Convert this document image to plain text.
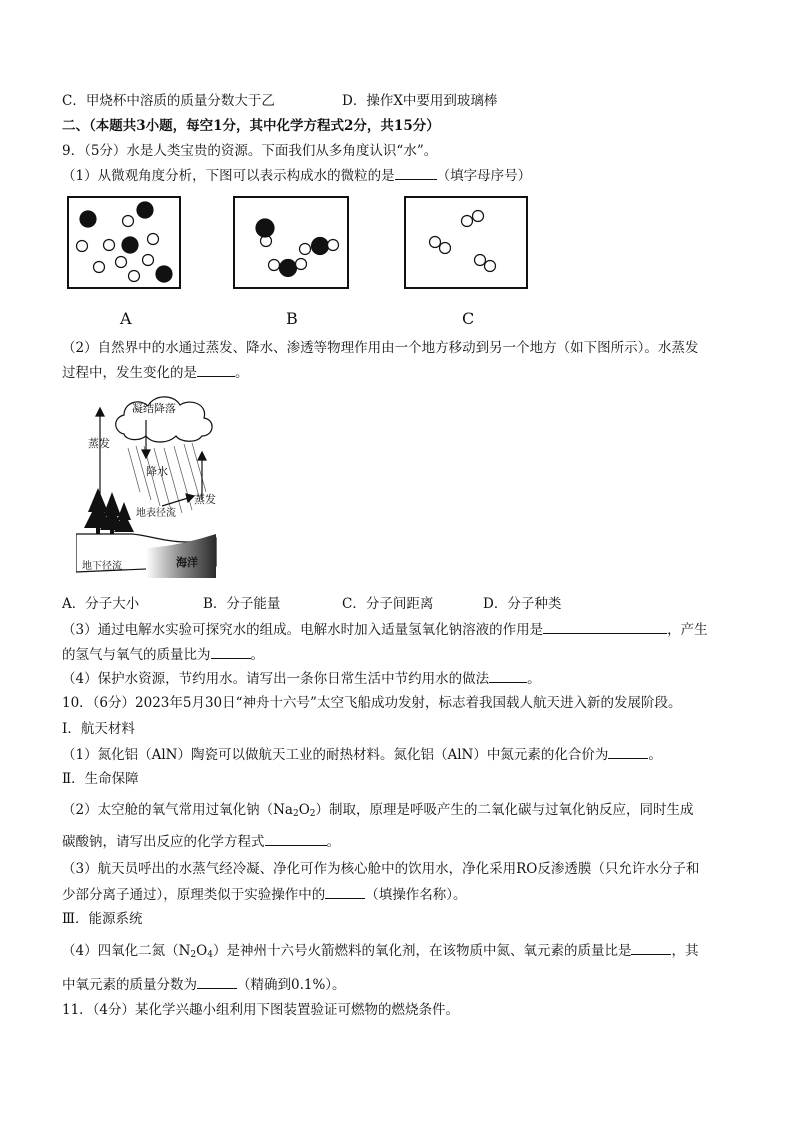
C．甲烧杯中溶质的质量分数大于乙	D．操作Ⅹ中要用到玻璃棒
二、（本题共3小题，每空1分，其中化学方程式2分，共15分）
9．（5分）水是人类宝贵的资源。下面我们从多角度认识“水”。
（1）从微观角度分析，下图可以表示构成水的微粒的是	（填字母序号）
A	B	C
（2）自然界中的水通过蒸发、降水、渗透等物理作用由一个地方移动到另一个地方（如下图所示）。水蒸发
过程中，发生变化的是	。
凝结降落
蒸发
降水
地表径流
蒸发
地下径流	海洋
A．分子大小	B．分子能量	C．分子间距离	D．分子种类
（3）通过电解水实验可探究水的组成。电解水时加入适量氢氧化钠溶液的作用是	，产生
的氢气与氧气的质量比为	。
（4）保护水资源，节约用水。请写出一条你日常生活中节约用水的做法	。
10．（6分）2023年5月30日“神舟十六号”太空飞船成功发射，标志着我国载人航天进入新的发展阶段。
Ⅰ．航天材料
（1）氮化铝（AlN）陶瓷可以做航天工业的耐热材料。氮化铝（AlN）中氮元素的化合价为	。
Ⅱ．生命保障
（2）太空舱的氧气常用过氧化钠$(Na_2O_2)$制取，原理是呼吸产生的二氧化碳与过氧化钠反应，同时生成
碳酸钠，请写出反应的化学方程式	。
（3）航天员呼出的水蒸气经冷凝、净化可作为核心舱中的饮用水，净化采用RO反渗透膜（只允许水分子和
少部分离子通过），原理类似于实验操作中的	（填操作名称）。
Ⅲ．能源系统
（4）四氧化二氮$(N_2O_4)$是神州十六号火箭燃料的氧化剂，在该物质中氮、氧元素的质量比是	，其
中氧元素的质量分数为	（精确到0.1%）。
11．（4分）某化学兴趣小组利用下图装置验证可燃物的燃烧条件。
